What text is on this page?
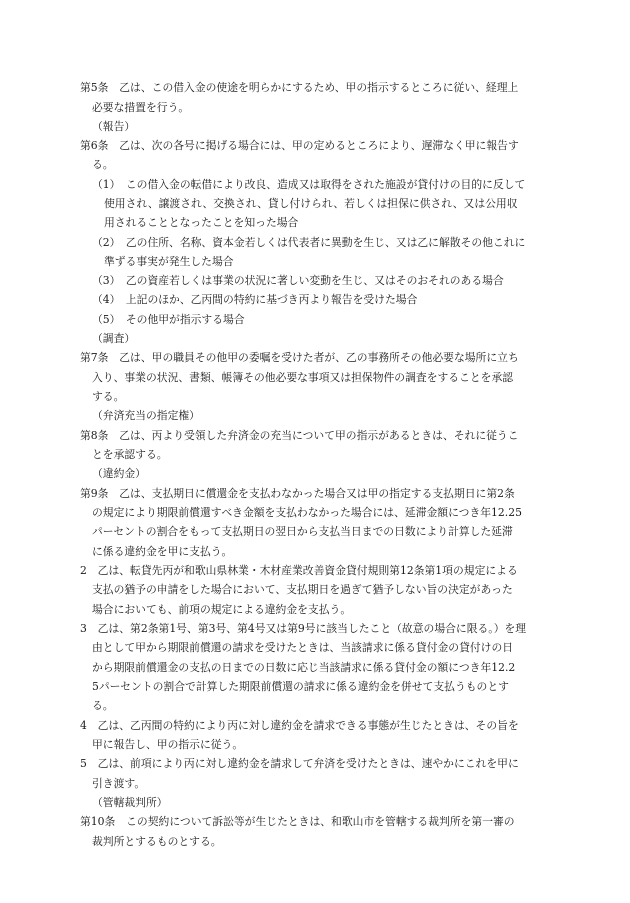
第5条　乙は、この借入金の使途を明らかにするため、甲の指示するところに従い、経理上
必要な措置を行う。
（報告）
第6条　乙は、次の各号に掲げる場合には、甲の定めるところにより、遅滞なく甲に報告す
る。
（1）　この借入金の転借により改良、造成又は取得をされた施設が貸付けの目的に反して
使用され、譲渡され、交換され、貸し付けられ、若しくは担保に供され、又は公用収
用されることとなったことを知った場合
（2）　乙の住所、名称、資本金若しくは代表者に異動を生じ、又は乙に解散その他これに
準ずる事実が発生した場合
（3）　乙の資産若しくは事業の状況に著しい変動を生じ、又はそのおそれのある場合
（4）　上記のほか、乙丙間の特約に基づき丙より報告を受けた場合
（5）　その他甲が指示する場合
（調査）
第7条　乙は、甲の職員その他甲の委嘱を受けた者が、乙の事務所その他必要な場所に立ち
入り、事業の状況、書類、帳簿その他必要な事項又は担保物件の調査をすることを承認
する。
（弁済充当の指定権）
第8条　乙は、丙より受領した弁済金の充当について甲の指示があるときは、それに従うこ
とを承認する。
（違約金）
第9条　乙は、支払期日に償還金を支払わなかった場合又は甲の指定する支払期日に第2条
の規定により期限前償還すべき金額を支払わなかった場合には、延滞金額につき年12.25
パーセントの割合をもって支払期日の翌日から支払当日までの日数により計算した延滞
に係る違約金を甲に支払う。
2　乙は、転貸先丙が和歌山県林業・木材産業改善資金貸付規則第12条第1項の規定による
支払の猶予の申請をした場合において、支払期日を過ぎて猶予しない旨の決定があった
場合においても、前項の規定による違約金を支払う。
3　乙は、第2条第1号、第3号、第4号又は第9号に該当したこと（故意の場合に限る。）を理
由として甲から期限前償還の請求を受けたときは、当該請求に係る貸付金の貸付けの日
から期限前償還金の支払の日までの日数に応じ当該請求に係る貸付金の額につき年12.2
5パーセントの割合で計算した期限前償還の請求に係る違約金を併せて支払うものとす
る。
4　乙は、乙丙間の特約により丙に対し違約金を請求できる事態が生じたときは、その旨を
甲に報告し、甲の指示に従う。
5　乙は、前項により丙に対し違約金を請求して弁済を受けたときは、速やかにこれを甲に
引き渡す。
（管轄裁判所）
第10条　この契約について訴訟等が生じたときは、和歌山市を管轄する裁判所を第一審の
裁判所とするものとする。
